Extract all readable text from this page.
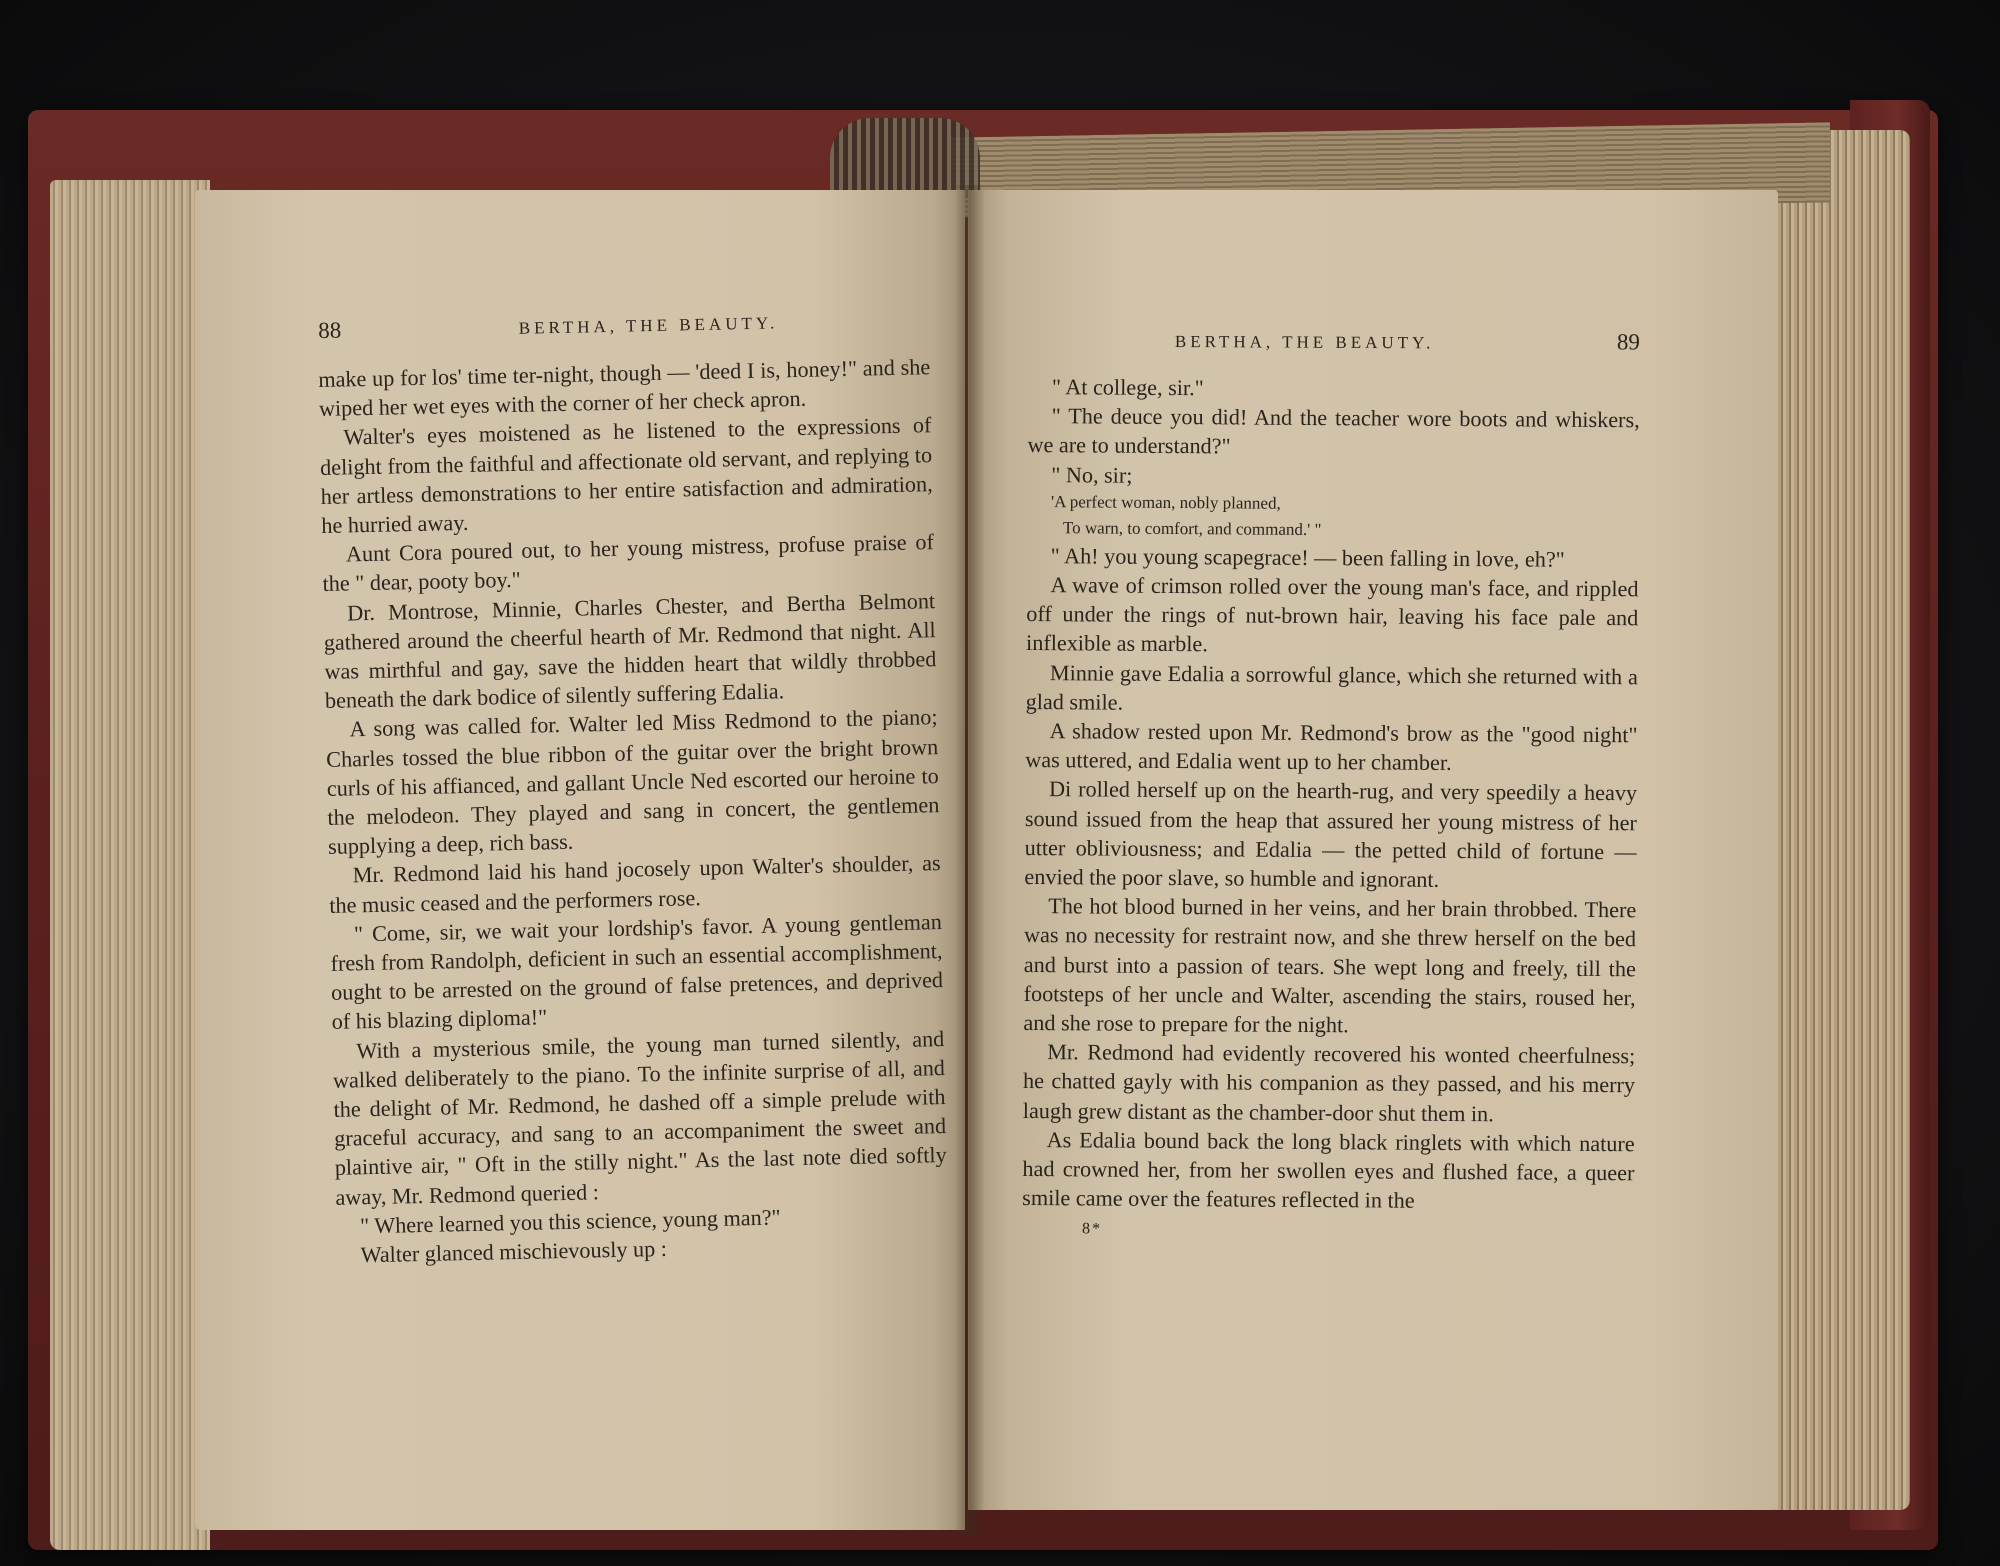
88	BERTHA, THE BEAUTY.

make up for los' time ter-night, though — 'deed I is, honey!" and she wiped her wet eyes with the corner of her check apron.

Walter's eyes moistened as he listened to the expressions of delight from the faithful and affectionate old servant, and replying to her artless demonstrations to her entire satisfaction and admiration, he hurried away.

Aunt Cora poured out, to her young mistress, profuse praise of the " dear, pooty boy."

Dr. Montrose, Minnie, Charles Chester, and Bertha Belmont gathered around the cheerful hearth of Mr. Redmond that night. All was mirthful and gay, save the hidden heart that wildly throbbed beneath the dark bodice of silently suffering Edalia.

A song was called for. Walter led Miss Redmond to the piano; Charles tossed the blue ribbon of the guitar over the bright brown curls of his affianced, and gallant Uncle Ned escorted our heroine to the melodeon. They played and sang in concert, the gentlemen supplying a deep, rich bass.

Mr. Redmond laid his hand jocosely upon Walter's shoulder, as the music ceased and the performers rose.

" Come, sir, we wait your lordship's favor. A young gentleman fresh from Randolph, deficient in such an essential accomplishment, ought to be arrested on the ground of false pretences, and deprived of his blazing diploma!"

With a mysterious smile, the young man turned silently, and walked deliberately to the piano. To the infinite surprise of all, and the delight of Mr. Redmond, he dashed off a simple prelude with graceful accuracy, and sang to an accompaniment the sweet and plaintive air, " Oft in the stilly night." As the last note died softly away, Mr. Redmond queried :

" Where learned you this science, young man?"

Walter glanced mischievously up :

BERTHA, THE BEAUTY.	89

" At college, sir."

" The deuce you did! And the teacher wore boots and whiskers, we are to understand?"

" No, sir;

'A perfect woman, nobly planned,
To warn, to comfort, and command.' "

" Ah! you young scapegrace! — been falling in love, eh?"

A wave of crimson rolled over the young man's face, and rippled off under the rings of nut-brown hair, leaving his face pale and inflexible as marble.

Minnie gave Edalia a sorrowful glance, which she returned with a glad smile.

A shadow rested upon Mr. Redmond's brow as the "good night" was uttered, and Edalia went up to her chamber.

Di rolled herself up on the hearth-rug, and very speedily a heavy sound issued from the heap that assured her young mistress of her utter obliviousness; and Edalia — the petted child of fortune — envied the poor slave, so humble and ignorant.

The hot blood burned in her veins, and her brain throbbed. There was no necessity for restraint now, and she threw herself on the bed and burst into a passion of tears. She wept long and freely, till the footsteps of her uncle and Walter, ascending the stairs, roused her, and she rose to prepare for the night.

Mr. Redmond had evidently recovered his wonted cheerfulness; he chatted gayly with his companion as they passed, and his merry laugh grew distant as the chamber-door shut them in.

As Edalia bound back the long black ringlets with which nature had crowned her, from her swollen eyes and flushed face, a queer smile came over the features reflected in the

8*
